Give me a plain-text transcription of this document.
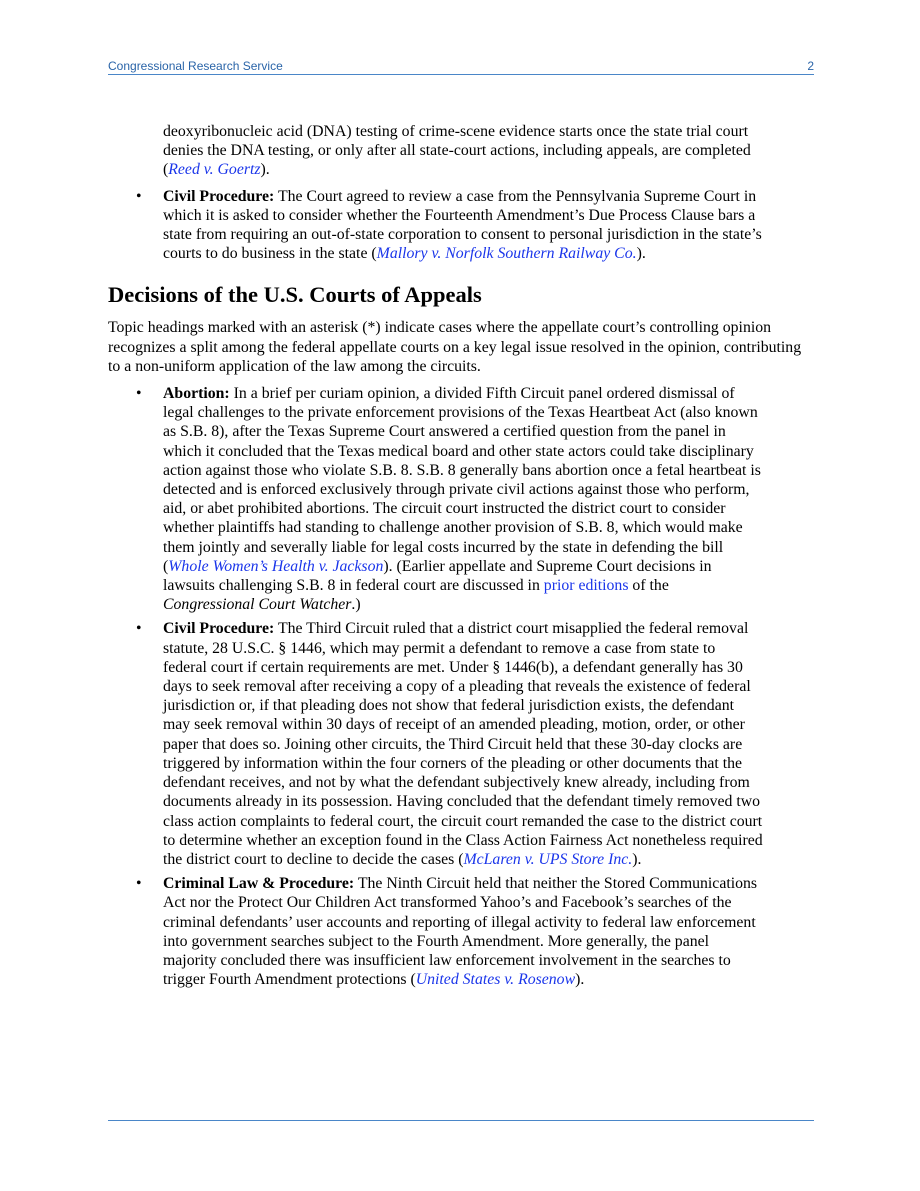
Congressional Research Service	2
deoxyribonucleic acid (DNA) testing of crime-scene evidence starts once the state trial court denies the DNA testing, or only after all state-court actions, including appeals, are completed (Reed v. Goertz).
• Civil Procedure: The Court agreed to review a case from the Pennsylvania Supreme Court in which it is asked to consider whether the Fourteenth Amendment’s Due Process Clause bars a state from requiring an out-of-state corporation to consent to personal jurisdiction in the state’s courts to do business in the state (Mallory v. Norfolk Southern Railway Co.).
Decisions of the U.S. Courts of Appeals

Topic headings marked with an asterisk (*) indicate cases where the appellate court’s controlling opinion recognizes a split among the federal appellate courts on a key legal issue resolved in the opinion, contributing to a non-uniform application of the law among the circuits.

• Abortion: In a brief per curiam opinion, a divided Fifth Circuit panel ordered dismissal of legal challenges to the private enforcement provisions of the Texas Heartbeat Act (also known as S.B. 8), after the Texas Supreme Court answered a certified question from the panel in which it concluded that the Texas medical board and other state actors could take disciplinary action against those who violate S.B. 8. S.B. 8 generally bans abortion once a fetal heartbeat is detected and is enforced exclusively through private civil actions against those who perform, aid, or abet prohibited abortions. The circuit court instructed the district court to consider whether plaintiffs had standing to challenge another provision of S.B. 8, which would make them jointly and severally liable for legal costs incurred by the state in defending the bill (Whole Women’s Health v. Jackson). (Earlier appellate and Supreme Court decisions in lawsuits challenging S.B. 8 in federal court are discussed in prior editions of the Congressional Court Watcher.)
• Civil Procedure: The Third Circuit ruled that a district court misapplied the federal removal statute, 28 U.S.C. § 1446, which may permit a defendant to remove a case from state to federal court if certain requirements are met. Under § 1446(b), a defendant generally has 30 days to seek removal after receiving a copy of a pleading that reveals the existence of federal jurisdiction or, if that pleading does not show that federal jurisdiction exists, the defendant may seek removal within 30 days of receipt of an amended pleading, motion, order, or other paper that does so. Joining other circuits, the Third Circuit held that these 30-day clocks are triggered by information within the four corners of the pleading or other documents that the defendant receives, and not by what the defendant subjectively knew already, including from documents already in its possession. Having concluded that the defendant timely removed two class action complaints to federal court, the circuit court remanded the case to the district court to determine whether an exception found in the Class Action Fairness Act nonetheless required the district court to decline to decide the cases (McLaren v. UPS Store Inc.).
• Criminal Law & Procedure: The Ninth Circuit held that neither the Stored Communications Act nor the Protect Our Children Act transformed Yahoo’s and Facebook’s searches of the criminal defendants’ user accounts and reporting of illegal activity to federal law enforcement into government searches subject to the Fourth Amendment. More generally, the panel majority concluded there was insufficient law enforcement involvement in the searches to trigger Fourth Amendment protections (United States v. Rosenow).
